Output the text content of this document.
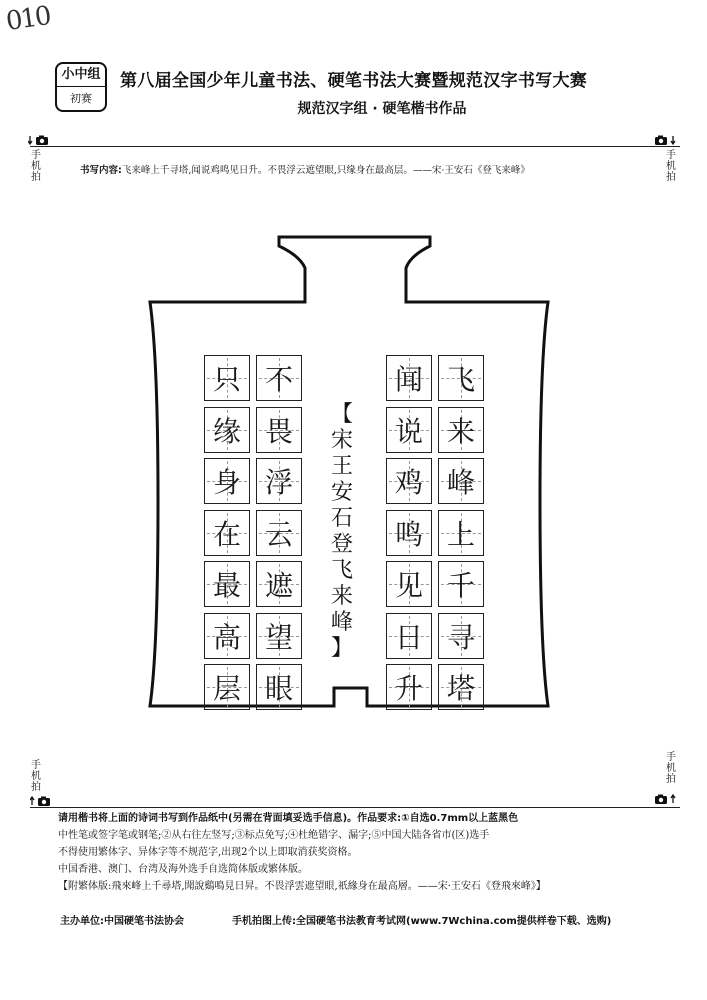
010
小中组
初赛
第八届全国少年儿童书法、硬笔书法大赛暨规范汉字书写大赛
规范汉字组 · 硬笔楷书作品
手
机
拍
手
机
拍
书写内容:飞来峰上千寻塔,闻说鸡鸣见日升。不畏浮云遮望眼,只缘身在最高层。——宋·王安石《登飞来峰》
飞
来
峰
上
千
寻
塔
闻
说
鸡
鸣
见
日
升
不
畏
浮
云
遮
望
眼
只
缘
身
在
最
高
层
【
宋
王
安
石
登
飞
来
峰
】
手
机
拍
手
机
拍
请用楷书将上面的诗词书写到作品纸中(另需在背面填妥选手信息)。作品要求:①自选0.7mm以上蓝黑色
中性笔或签字笔或钢笔;②从右往左竖写;③标点免写;④杜绝错字、漏字;⑤中国大陆各省市(区)选手
不得使用繁体字、异体字等不规范字,出现2个以上即取消获奖资格。
中国香港、澳门、台湾及海外选手自选简体版或繁体版。
【附繁体版:飛來峰上千尋塔,聞說鷄鳴見日昇。不畏浮雲遮望眼,祇緣身在最高層。——宋·王安石《登飛來峰》】
主办单位:中国硬笔书法协会	手机拍图上传:全国硬笔书法教育考试网(www.7Wchina.com提供样卷下载、选购)
